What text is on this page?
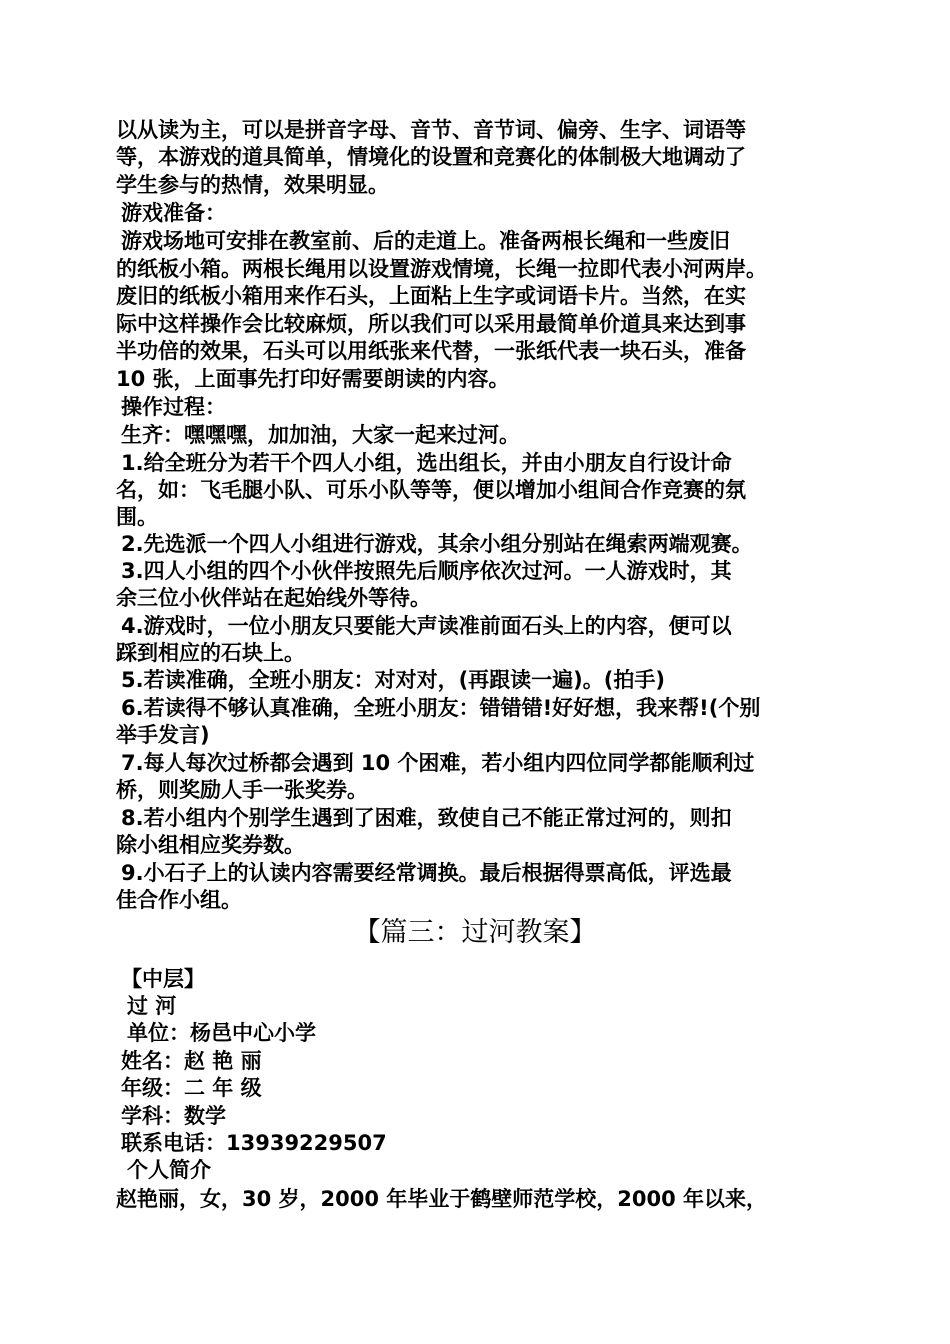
以从读为主，可以是拼音字母、音节、音节词、偏旁、生字、词语等
等，本游戏的道具简单，情境化的设置和竞赛化的体制极大地调动了
学生参与的热情，效果明显。
游戏准备：
游戏场地可安排在教室前、后的走道上。准备两根长绳和一些废旧
的纸板小箱。两根长绳用以设置游戏情境，长绳一拉即代表小河两岸。
废旧的纸板小箱用来作石头，上面粘上生字或词语卡片。当然，在实
际中这样操作会比较麻烦，所以我们可以采用最简单价道具来达到事
半功倍的效果，石头可以用纸张来代替，一张纸代表一块石头，准备
10 张，上面事先打印好需要朗读的内容。
操作过程：
生齐：嘿嘿嘿，加加油，大家一起来过河。
1.给全班分为若干个四人小组，选出组长，并由小朋友自行设计命
名，如：飞毛腿小队、可乐小队等等，便以增加小组间合作竞赛的氛
围。
2.先选派一个四人小组进行游戏，其余小组分别站在绳索两端观赛。
3.四人小组的四个小伙伴按照先后顺序依次过河。一人游戏时，其
余三位小伙伴站在起始线外等待。
4.游戏时，一位小朋友只要能大声读准前面石头上的内容，便可以
踩到相应的石块上。
5.若读准确，全班小朋友：对对对，(再跟读一遍)。(拍手)
6.若读得不够认真准确，全班小朋友：错错错!好好想，我来帮!(个别
举手发言)
7.每人每次过桥都会遇到 10 个困难，若小组内四位同学都能顺利过
桥，则奖励人手一张奖券。
8.若小组内个别学生遇到了困难，致使自己不能正常过河的，则扣
除小组相应奖券数。
9.小石子上的认读内容需要经常调换。最后根据得票高低，评选最
佳合作小组。
【篇三：过河教案】
【中层】
过 河
单位：杨邑中心小学
姓名：赵 艳 丽
年级：二 年 级
学科：数学
联系电话：13939229507
个人简介
赵艳丽，女，30 岁，2000 年毕业于鹤壁师范学校，2000 年以来，
